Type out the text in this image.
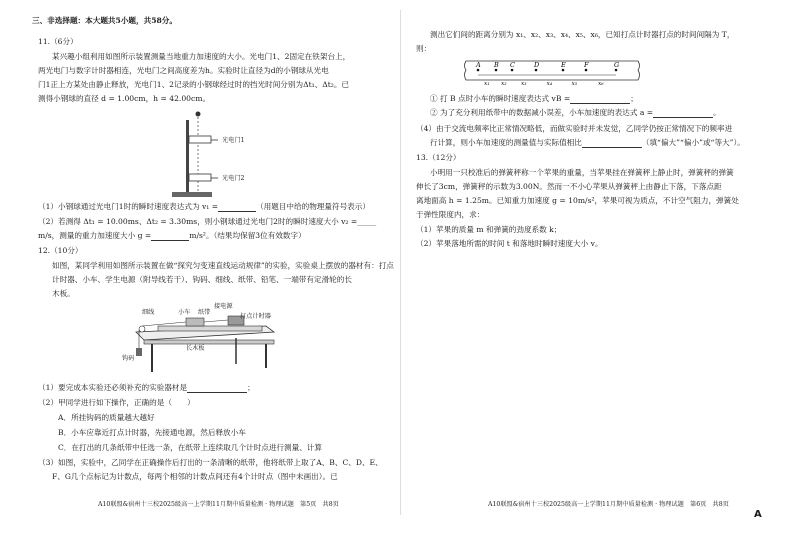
三、非选择题：本大题共5小题，共58分。
11.（6分）
某兴趣小组利用如图所示装置测量当地重力加速度的大小。光电门1、2固定在铁架台上，
两光电门与数字计时器相连，光电门之间高度差为h。实验时让直径为d的小钢球从光电
门1正上方某处由静止释放，光电门1、2记录的小钢球经过时的挡光时间分别为Δt₁、Δt₂。已
测得小钢球的直径 d = 1.00cm，h = 42.00cm。
光电门1
光电门2
（1）小钢球通过光电门1时的瞬时速度表达式为 v₁ =	（用题目中给的物理量符号表示）
（2）若测得 Δt₁ = 10.00ms、Δt₂ = 3.30ms，则小钢球通过光电门2时的瞬时速度大小 v₂ =_____
m/s，测量的重力加速度大小 g =	m/s²。（结果均保留3位有效数字）
12.（10分）
如图，某同学利用如图所示装置在做“探究匀变速直线运动规律”的实验，实验桌上摆放的器材有：打点
计时器、小车、学生电源（附导线若干）、钩码、细线、纸带、铅笔、一端带有定滑轮的长
木板。
细线	小车 纸带
接电源
打点计时器
长木板
钩码
（1）要完成本实验还必须补充的实验器材是	；
（2）甲同学进行如下操作，正确的是（　　）
A．所挂钩码的质量越大越好
B．小车应靠近打点计时器，先接通电源，然后释放小车
C．在打出的几条纸带中任选一条，在纸带上连续取几个计时点进行测量、计算
（3）如图，实验中，乙同学在正确操作后打出的一条清晰的纸带，他将纸带上取了A、B、C、D、E、
F、G几个点标记为计数点，每两个相邻的计数点间还有4个计时点（图中未画出）。已
A10联盟&宿州十三校2025级高一上学期11月期中质量检测 · 物理试题　第5页　共8页
测出它们间的距离分别为 x₁、x₂、x₃、x₄、x₅、x₆，已知打点计时器打点的时间间隔为 T，
则：
A B C	D	E	F	G
x₁ x₂ x₃	x₄	x₅	x₆
① 打 B 点时小车的瞬时速度表达式 vB =	；
② 为了充分利用纸带中的数据减小误差，小车加速度的表达式 a =	。
（4）由于交流电频率比正常情况略低，而做实验时并未发觉，乙同学仍按正常情况下的频率进
行计算，则小车加速度的测量值与实际值相比	（填“偏大”“偏小”或“等大”）。
13.（12分）
小明用一只校准后的弹簧秤称一个苹果的重量，当苹果挂在弹簧秤上静止时，弹簧秤的弹簧
伸长了3cm，弹簧秤的示数为3.00N。然而一不小心苹果从弹簧秤上由静止下落，下落点距
离地面高 h = 1.25m。已知重力加速度 g = 10m/s²，苹果可视为质点，不计空气阻力，弹簧处
于弹性限度内，求：
（1）苹果的质量 m 和弹簧的劲度系数 k；
（2）苹果落地所需的时间 t 和落地时瞬时速度大小 v。
A10联盟&宿州十三校2025级高一上学期11月期中质量检测 · 物理试题　第6页　共8页
A
